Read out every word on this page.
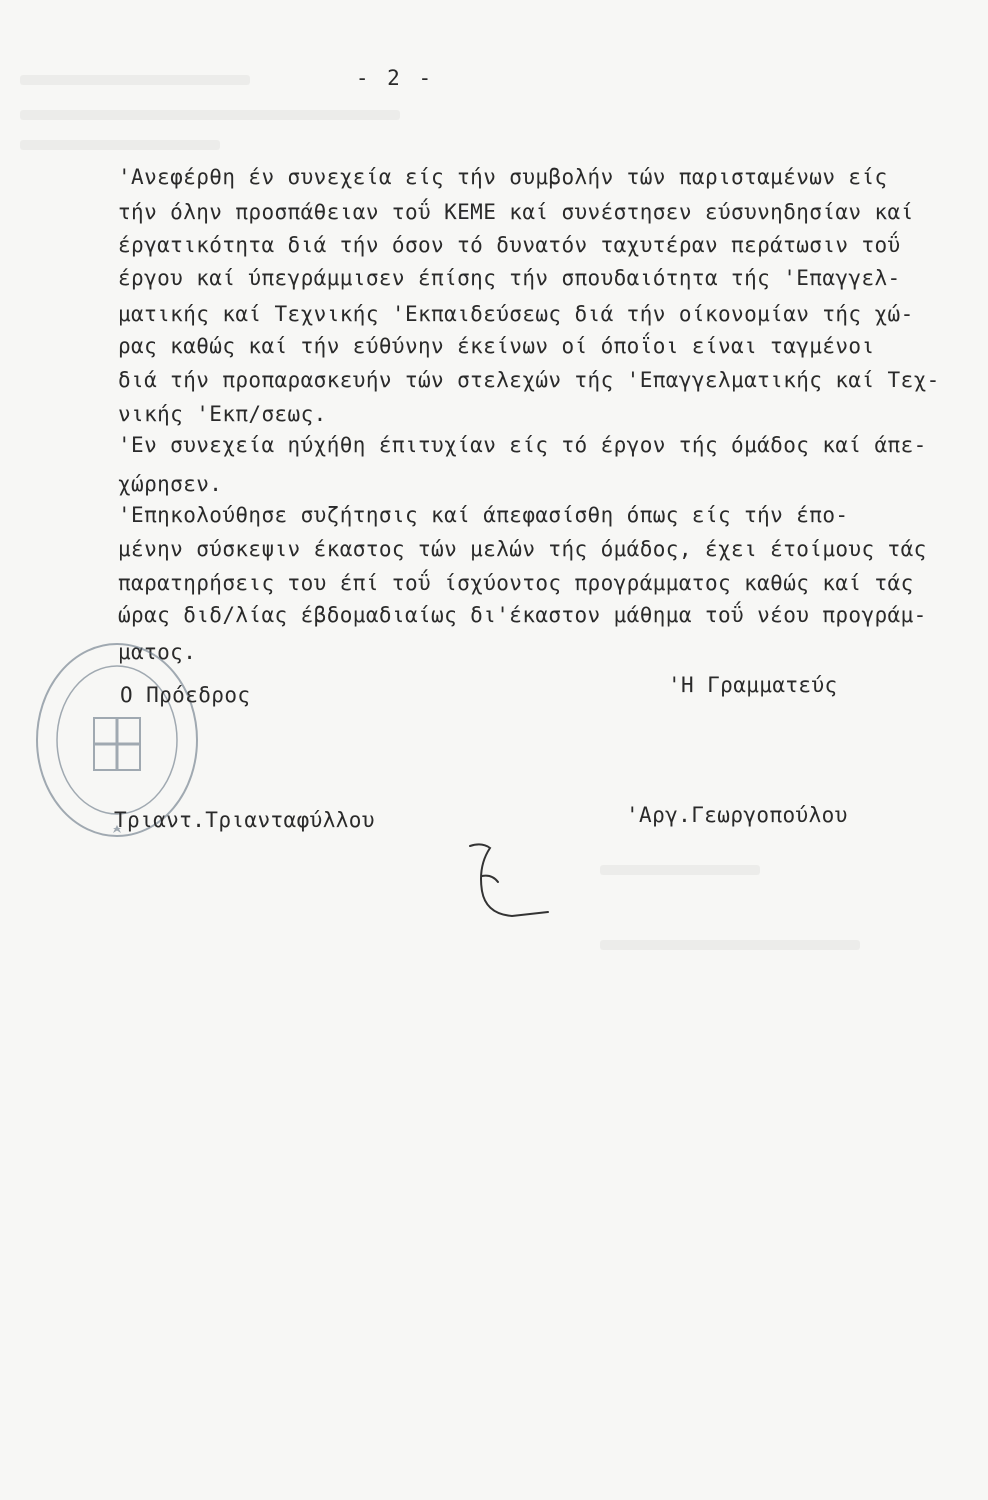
- 2 -
'Ανεφέρθη έν συνεχεία είς τήν συμβολήν τών παρισταμένων είς
τήν όλην προσπάθειαν τοΰ ΚΕΜΕ καί συνέστησεν εύσυνηδησίαν καί
έργατικότητα διά τήν όσον τό δυνατόν ταχυτέραν περάτωσιν τοΰ
έργου καί ύπεγράμμισεν έπίσης τήν σπουδαιότητα τής 'Επαγγελ-
ματικής καί Τεχνικής 'Εκπαιδεύσεως διά τήν οίκονομίαν τής χώ-
ρας καθώς καί τήν εύθύνην έκείνων οί όποΐοι είναι ταγμένοι
διά τήν προπαρασκευήν τών στελεχών τής 'Επαγγελματικής καί Τεχ-
νικής 'Εκπ/σεως.
'Εν συνεχεία ηύχήθη έπιτυχίαν είς τό έργον τής όμάδος καί άπε-
χώρησεν.
'Επηκολούθησε συζήτησις καί άπεφασίσθη όπως είς τήν έπο-
μένην σύσκεψιν έκαστος τών μελών τής όμάδος, έχει έτοίμους τάς
παρατηρήσεις του έπί τοΰ ίσχύοντος προγράμματος καθώς καί τάς
ώρας διδ/λίας έβδομαδιαίως δι'έκαστον μάθημα τοΰ νέου προγράμ-
ματος.
Ο Πρόεδρος	'Η Γραμματεύς
Τριαντ.Τριανταφύλλου	'Αργ.Γεωργοπούλου
